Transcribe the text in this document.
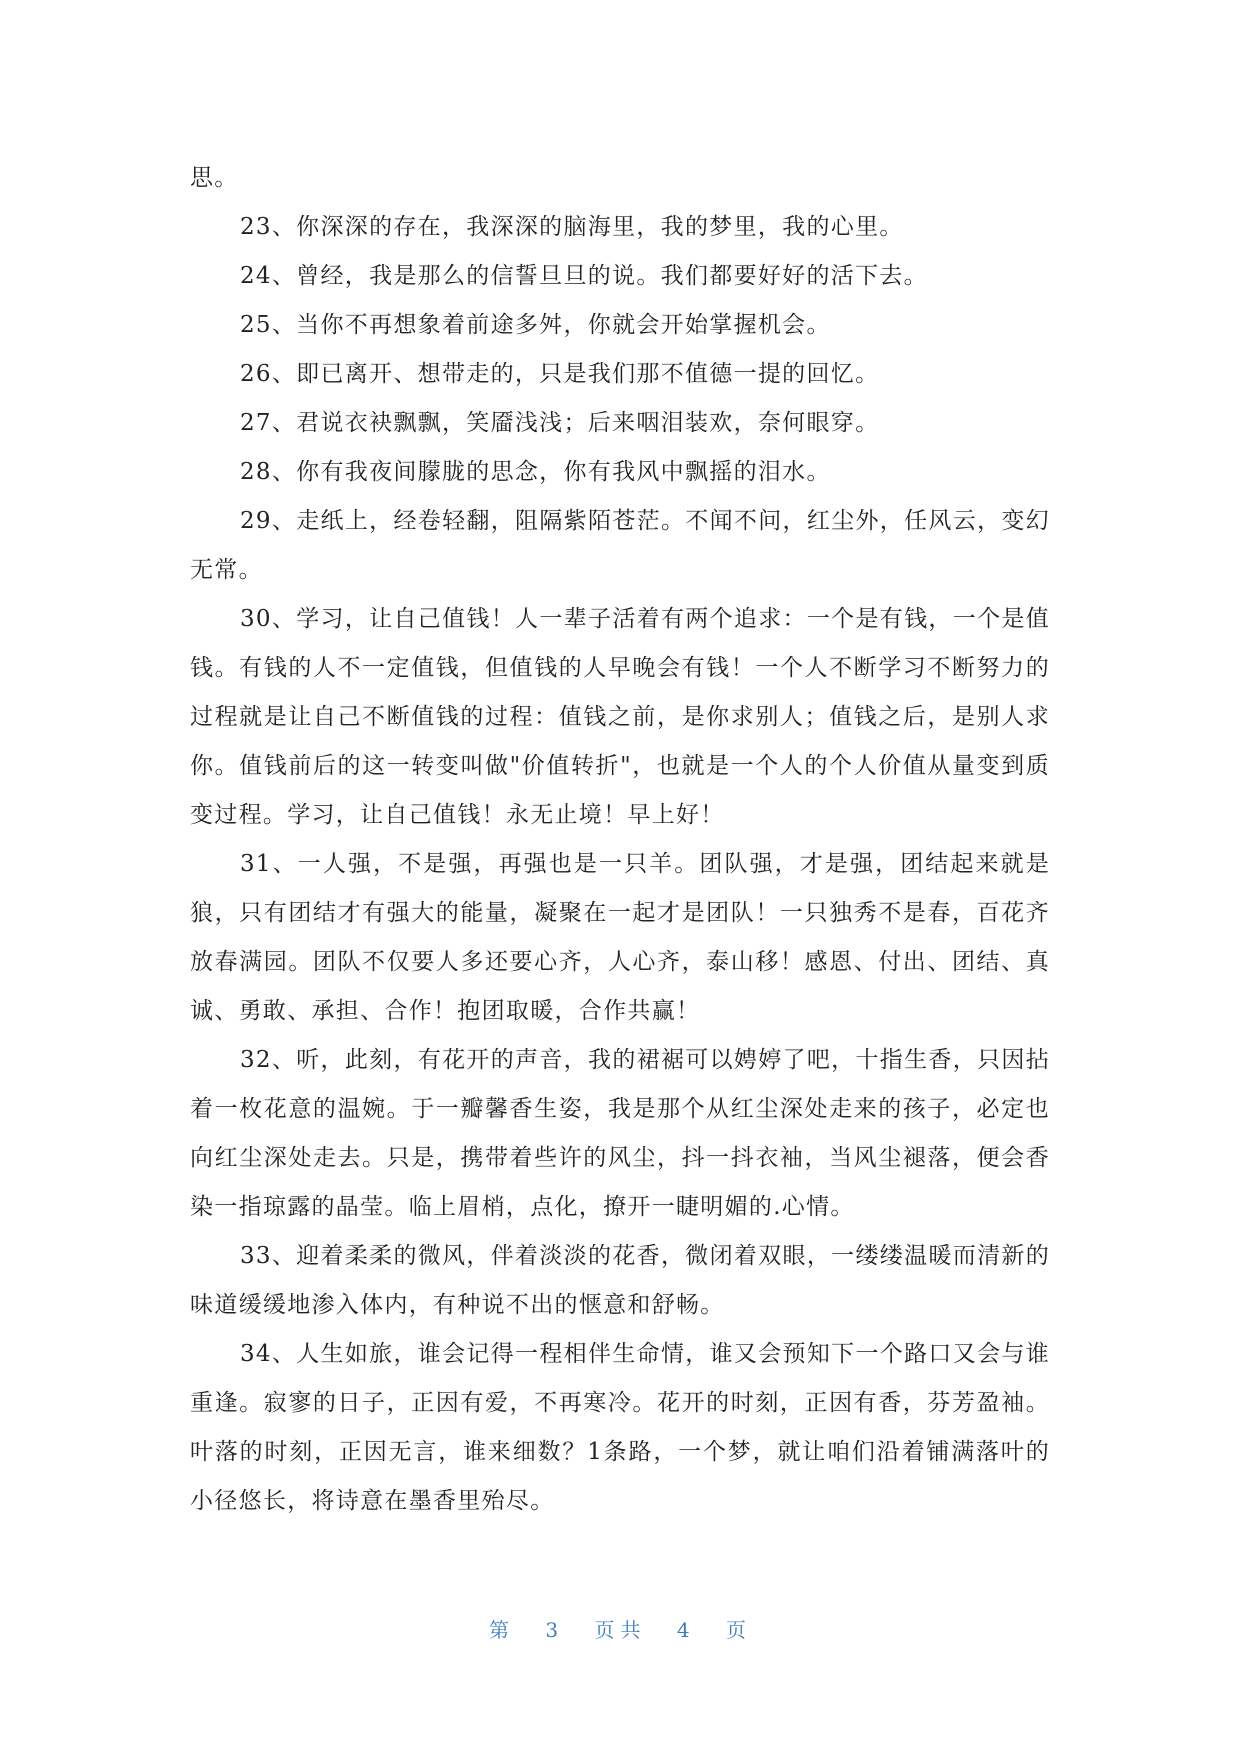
思。

23、你深深的存在，我深深的脑海里，我的梦里，我的心里。

24、曾经，我是那么的信誓旦旦的说。我们都要好好的活下去。

25、当你不再想象着前途多舛，你就会开始掌握机会。

26、即已离开、想带走的，只是我们那不值德一提的回忆。

27、君说衣袂飘飘，笑靥浅浅；后来咽泪装欢，奈何眼穿。

28、你有我夜间朦胧的思念，你有我风中飘摇的泪水。

29、走纸上，经卷轻翻，阻隔紫陌苍茫。不闻不问，红尘外，任风云，变幻无常。

30、学习，让自己值钱！人一辈子活着有两个追求：一个是有钱，一个是值钱。有钱的人不一定值钱，但值钱的人早晚会有钱！一个人不断学习不断努力的过程就是让自己不断值钱的过程：值钱之前，是你求别人；值钱之后，是别人求你。值钱前后的这一转变叫做"价值转折"，也就是一个人的个人价值从量变到质变过程。学习，让自己值钱！永无止境！早上好！

31、一人强，不是强，再强也是一只羊。团队强，才是强，团结起来就是狼，只有团结才有强大的能量，凝聚在一起才是团队！一只独秀不是春，百花齐放春满园。团队不仅要人多还要心齐，人心齐，泰山移！感恩、付出、团结、真诚、勇敢、承担、合作！抱团取暖，合作共赢！

32、听，此刻，有花开的声音，我的裙裾可以娉婷了吧，十指生香，只因拈着一枚花意的温婉。于一瓣馨香生姿，我是那个从红尘深处走来的孩子，必定也向红尘深处走去。只是，携带着些许的风尘，抖一抖衣袖，当风尘褪落，便会香染一指琼露的晶莹。临上眉梢，点化，撩开一睫明媚的.心情。

33、迎着柔柔的微风，伴着淡淡的花香，微闭着双眼，一缕缕温暖而清新的味道缓缓地渗入体内，有种说不出的惬意和舒畅。

34、人生如旅，谁会记得一程相伴生命情，谁又会预知下一个路口又会与谁重逢。寂寥的日子，正因有爱，不再寒冷。花开的时刻，正因有香，芬芳盈袖。叶落的时刻，正因无言，谁来细数？1条路，一个梦，就让咱们沿着铺满落叶的小径悠长，将诗意在墨香里殆尽。

第 3 页共 4 页
